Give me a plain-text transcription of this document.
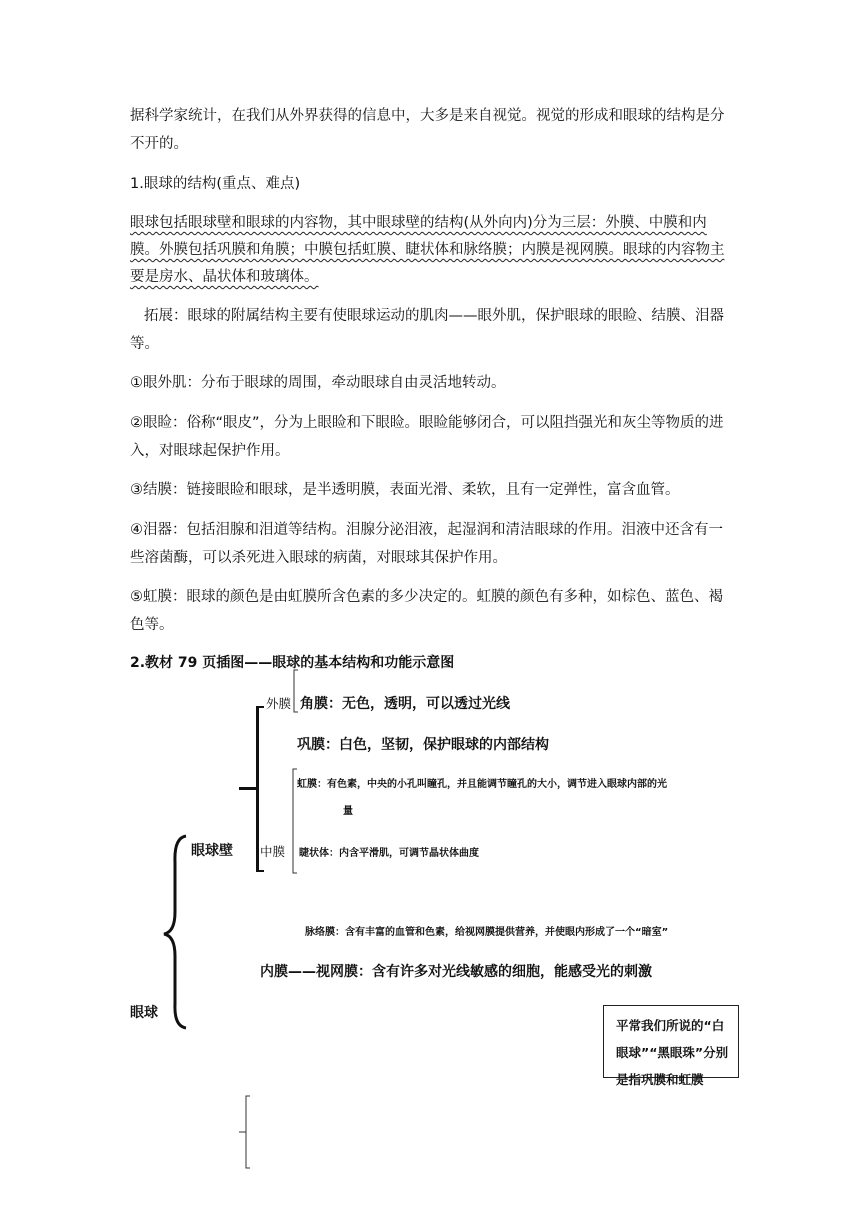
据科学家统计，在我们从外界获得的信息中，大多是来自视觉。视觉的形成和眼球的结构是分不开的。
1.眼球的结构(重点、难点)
眼球包括眼球壁和眼球的内容物，其中眼球壁的结构(从外向内)分为三层：外膜、中膜和内膜。外膜包括巩膜和角膜；中膜包括虹膜、睫状体和脉络膜；内膜是视网膜。眼球的内容物主要是房水、晶状体和玻璃体。
拓展：眼球的附属结构主要有使眼球运动的肌肉——眼外肌，保护眼球的眼睑、结膜、泪器等。
①眼外肌：分布于眼球的周围，牵动眼球自由灵活地转动。
②眼睑：俗称“眼皮”，分为上眼睑和下眼睑。眼睑能够闭合，可以阻挡强光和灰尘等物质的进入，对眼球起保护作用。
③结膜：链接眼睑和眼球，是半透明膜，表面光滑、柔软，且有一定弹性，富含血管。
④泪器：包括泪腺和泪道等结构。泪腺分泌泪液，起湿润和清洁眼球的作用。泪液中还含有一些溶菌酶，可以杀死进入眼球的病菌，对眼球其保护作用。
⑤虹膜：眼球的颜色是由虹膜所含色素的多少决定的。虹膜的颜色有多种，如棕色、蓝色、褐色等。
2.教材 79 页插图——眼球的基本结构和功能示意图
眼球
眼球壁
外膜 角膜：无色，透明，可以透过光线
巩膜：白色，坚韧，保护眼球的内部结构
中膜
虹膜：有色素，中央的小孔叫瞳孔，并且能调节瞳孔的大小，调节进入眼球内部的光
量
睫状体：内含平滑肌，可调节晶状体曲度
脉络膜：含有丰富的血管和色素，给视网膜提供营养，并使眼内形成了一个“暗室”
内膜——视网膜：含有许多对光线敏感的细胞，能感受光的刺激
平常我们所说的“白眼球”“黑眼珠”分别是指巩膜和虹膜
